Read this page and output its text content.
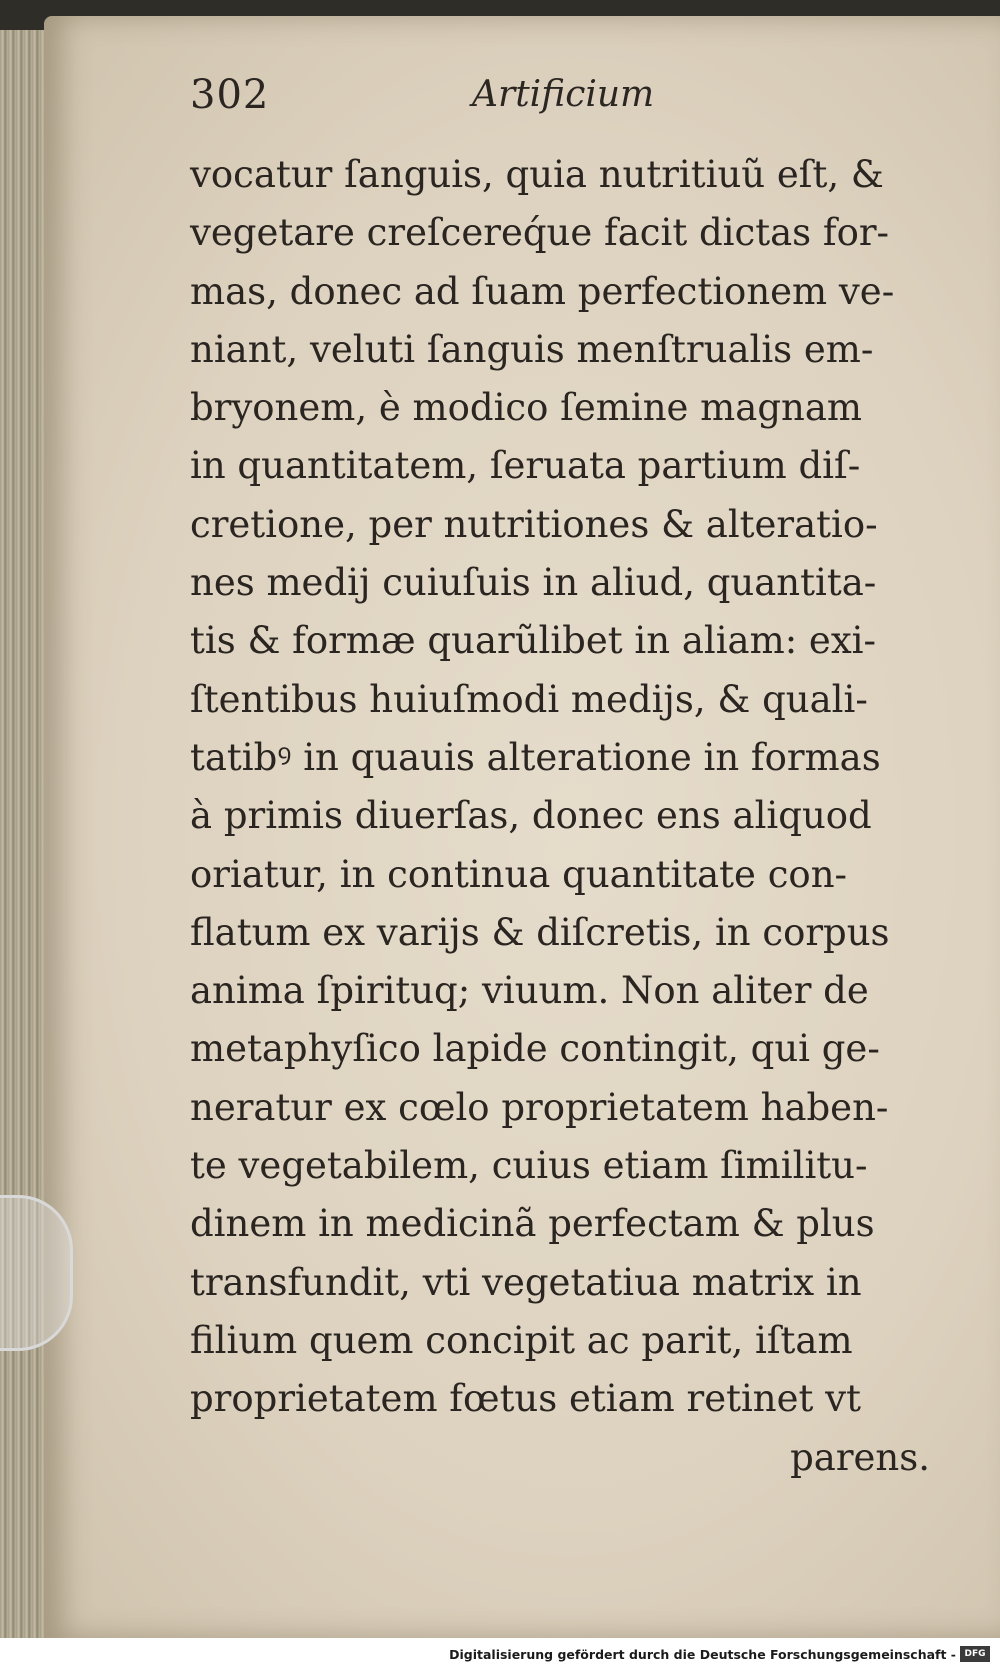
302	Artificium
vocatur ſanguis, quia nutritiuũ eſt, &
vegetare creſcereq́ue facit dictas for-
mas, donec ad ſuam perfectionem ve-
niant, veluti ſanguis menſtrualis em-
bryonem, è modico ſemine magnam
in quantitatem, ſeruata partium diſ-
cretione, per nutritiones & alteratio-
nes medij cuiuſuis in aliud, quantita-
tis & formæ quarũlibet in aliam: exi-
ſtentibus huiuſmodi medijs, & quali-
tatibꝰ in quauis alteratione in formas
à primis diuerſas, donec ens aliquod
oriatur, in continua quantitate con-
flatum ex varijs & diſcretis, in corpus
anima ſpirituq; viuum. Non aliter de
metaphyſico lapide contingit, qui ge-
neratur ex cœlo proprietatem haben-
te vegetabilem, cuius etiam ſimilitu-
dinem in medicinã perfectam & plus
transfundit, vti vegetatiua matrix in
filium quem concipit ac parit, iſtam
proprietatem fœtus etiam retinet vt
parens.
Digitalisierung gefördert durch die Deutsche Forschungsgemeinschaft - DFG
